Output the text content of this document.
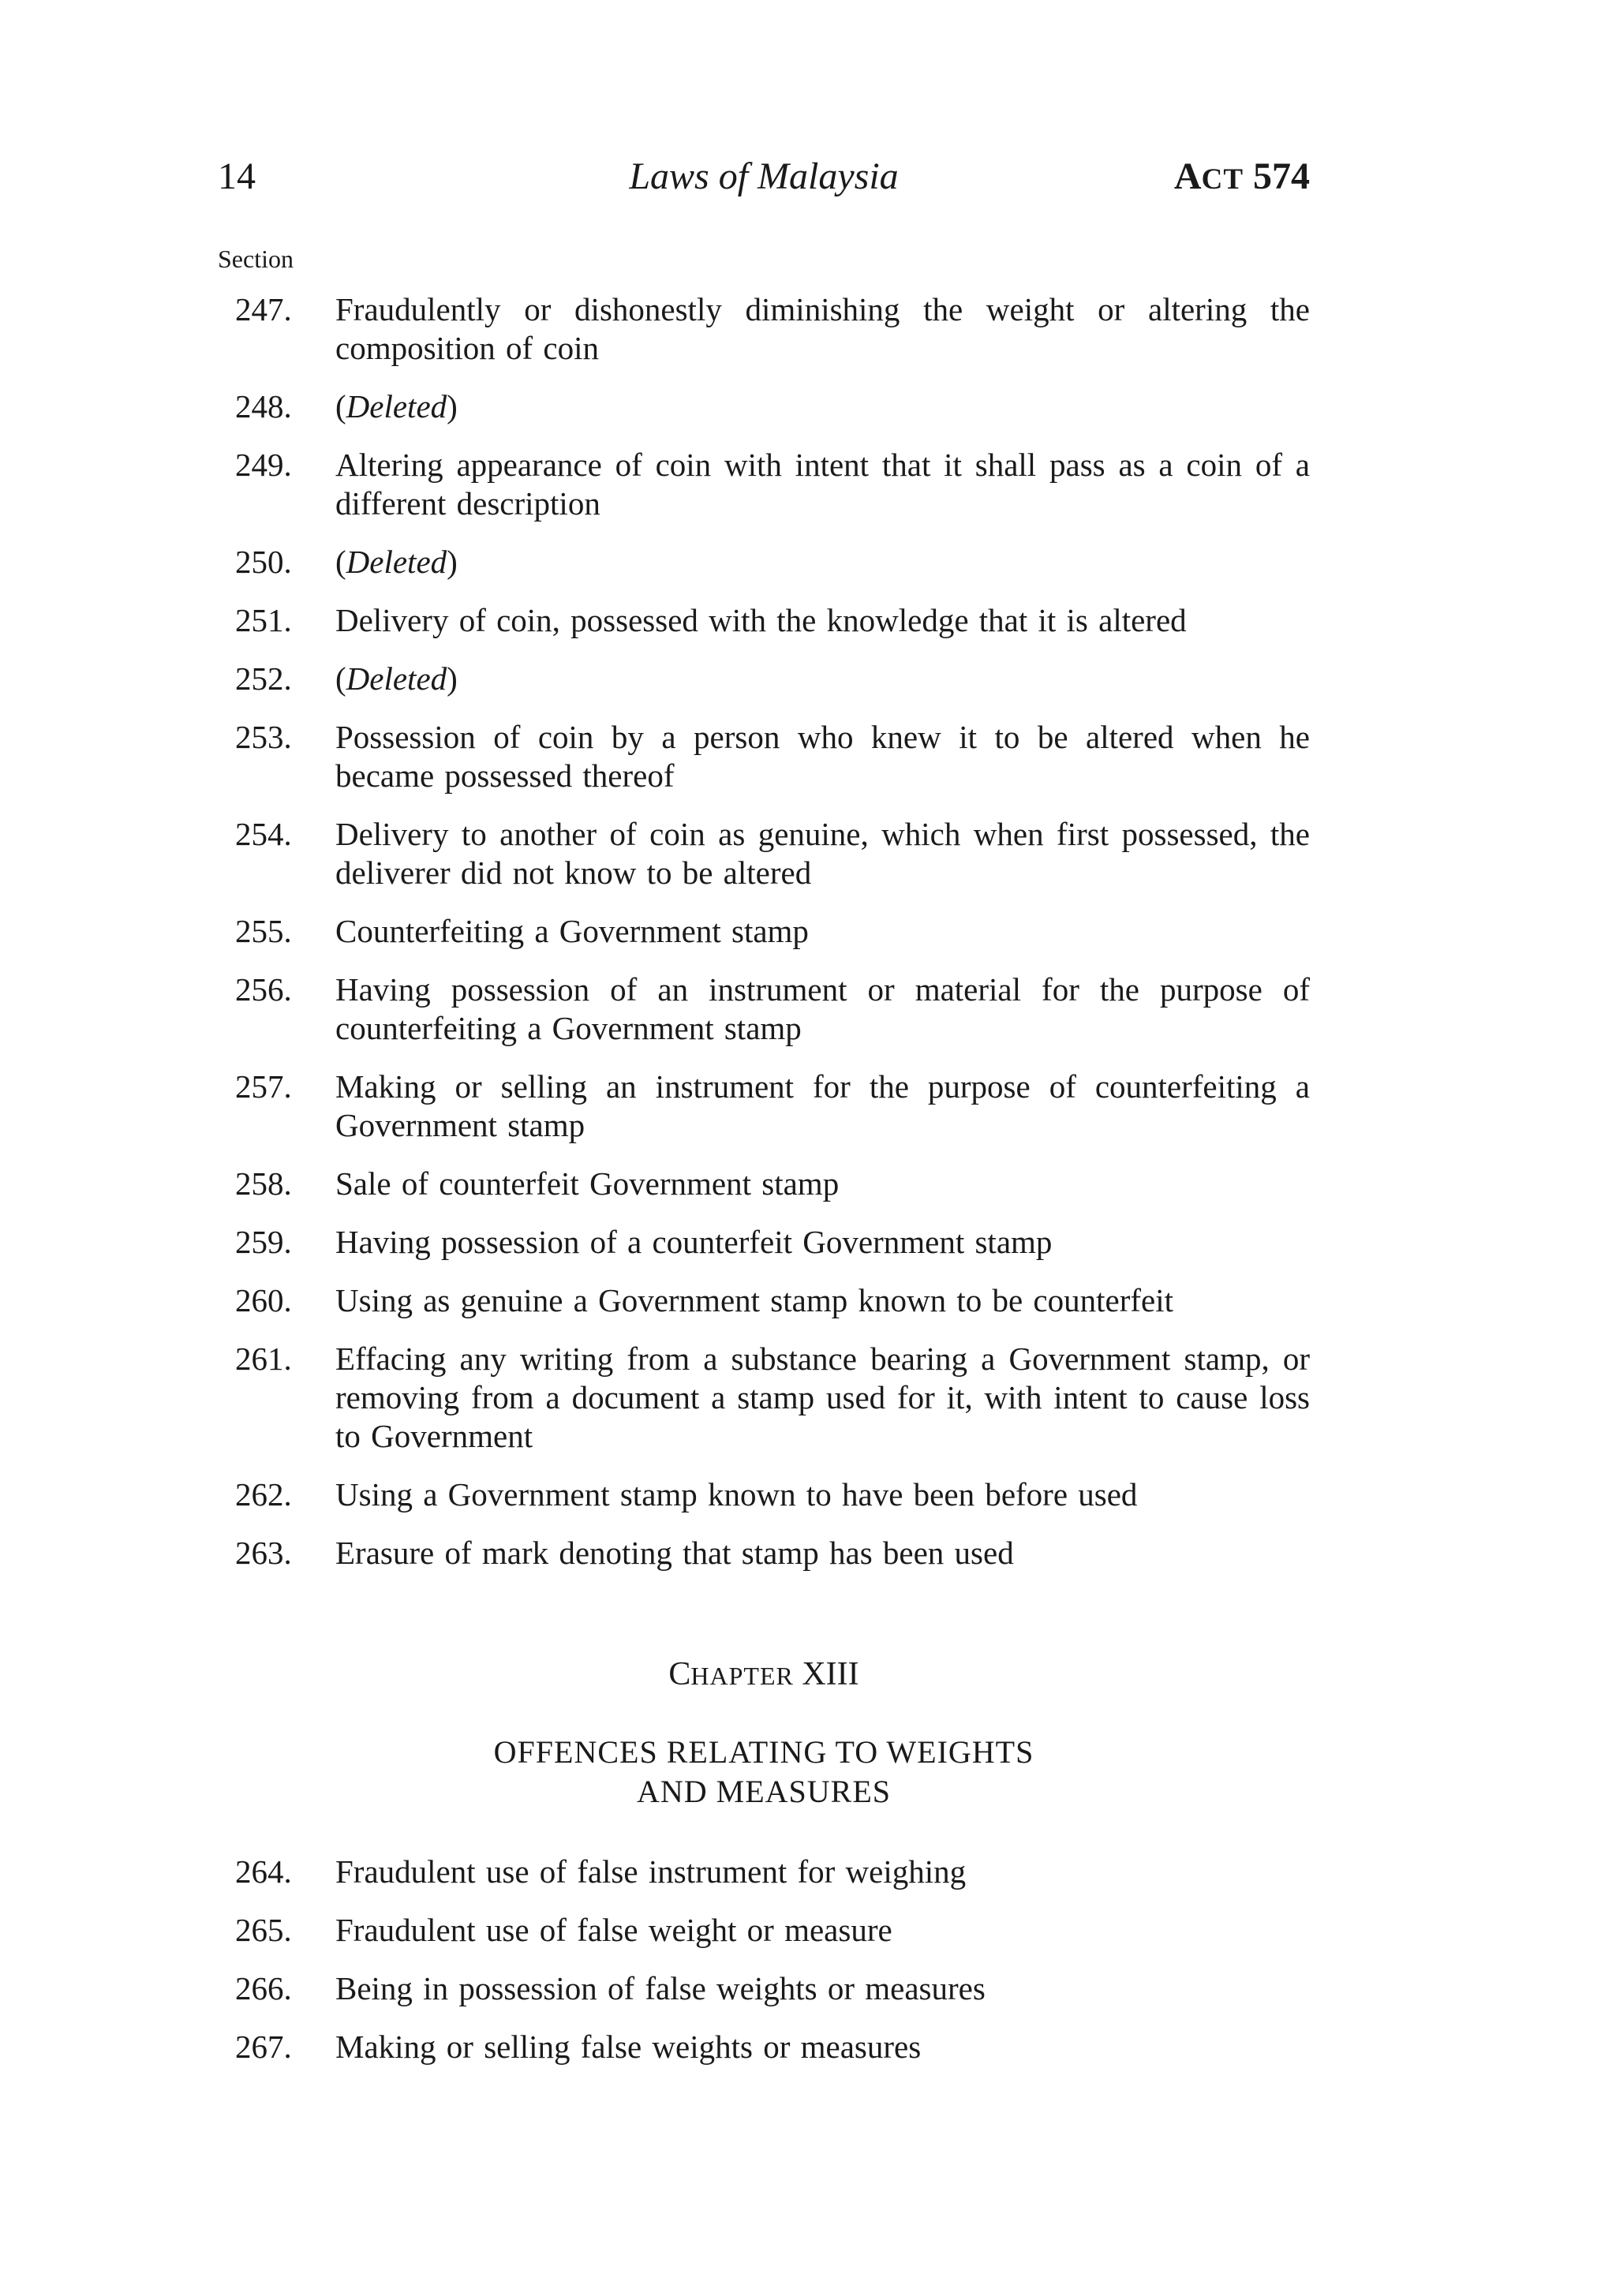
14	Laws of Malaysia	ACT 574
Section
247. Fraudulently or dishonestly diminishing the weight or altering the composition of coin
248. (Deleted)
249. Altering appearance of coin with intent that it shall pass as a coin of a different description
250. (Deleted)
251. Delivery of coin, possessed with the knowledge that it is altered
252. (Deleted)
253. Possession of coin by a person who knew it to be altered when he became possessed thereof
254. Delivery to another of coin as genuine, which when first possessed, the deliverer did not know to be altered
255. Counterfeiting a Government stamp
256. Having possession of an instrument or material for the purpose of counterfeiting a Government stamp
257. Making or selling an instrument for the purpose of counterfeiting a Government stamp
258. Sale of counterfeit Government stamp
259. Having possession of a counterfeit Government stamp
260. Using as genuine a Government stamp known to be counterfeit
261. Effacing any writing from a substance bearing a Government stamp, or removing from a document a stamp used for it, with intent to cause loss to Government
262. Using a Government stamp known to have been before used
263. Erasure of mark denoting that stamp has been used
CHAPTER XIII
OFFENCES RELATING TO WEIGHTS
AND MEASURES
264. Fraudulent use of false instrument for weighing
265. Fraudulent use of false weight or measure
266. Being in possession of false weights or measures
267. Making or selling false weights or measures
